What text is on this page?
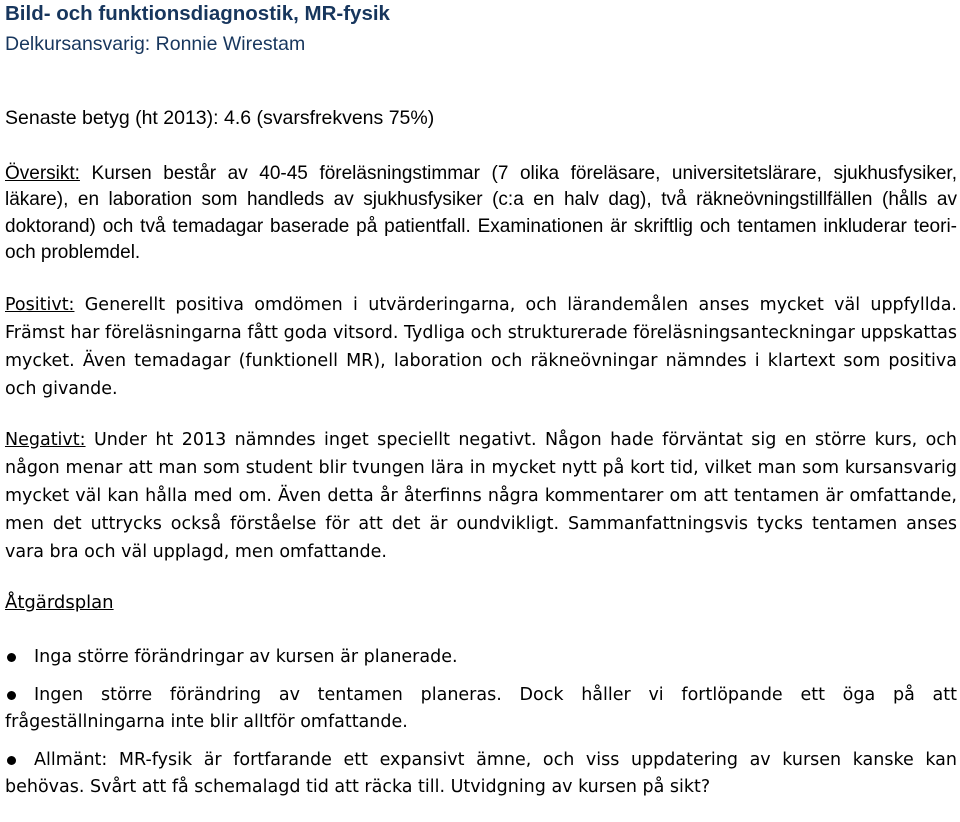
Bild- och funktionsdiagnostik, MR-fysik
Delkursansvarig: Ronnie Wirestam
Senaste betyg (ht 2013): 4.6 (svarsfrekvens 75%)

Översikt: Kursen består av 40-45 föreläsningstimmar (7 olika föreläsare, universitetslärare, sjukhusfysiker, läkare), en laboration som handleds av sjukhusfysiker (c:a en halv dag), två räkneövningstillfällen (hålls av doktorand) och två temadagar baserade på patientfall. Examinationen är skriftlig och tentamen inkluderar teori- och problemdel.

Positivt: Generellt positiva omdömen i utvärderingarna, och lärandemålen anses mycket väl uppfyllda. Främst har föreläsningarna fått goda vitsord. Tydliga och strukturerade föreläsningsanteckningar uppskattas mycket. Även temadagar (funktionell MR), laboration och räkneövningar nämndes i klartext som positiva och givande.

Negativt: Under ht 2013 nämndes inget speciellt negativt. Någon hade förväntat sig en större kurs, och någon menar att man som student blir tvungen lära in mycket nytt på kort tid, vilket man som kursansvarig mycket väl kan hålla med om. Även detta år återfinns några kommentarer om att tentamen är omfattande, men det uttrycks också förståelse för att det är oundvikligt. Sammanfattningsvis tycks tentamen anses vara bra och väl upplagd, men omfattande.

Åtgärdsplan
Inga större förändringar av kursen är planerade.
Ingen större förändring av tentamen planeras. Dock håller vi fortlöpande ett öga på att frågeställningarna inte blir alltför omfattande.
Allmänt: MR-fysik är fortfarande ett expansivt ämne, och viss uppdatering av kursen kanske kan behövas. Svårt att få schemalagd tid att räcka till. Utvidgning av kursen på sikt?
